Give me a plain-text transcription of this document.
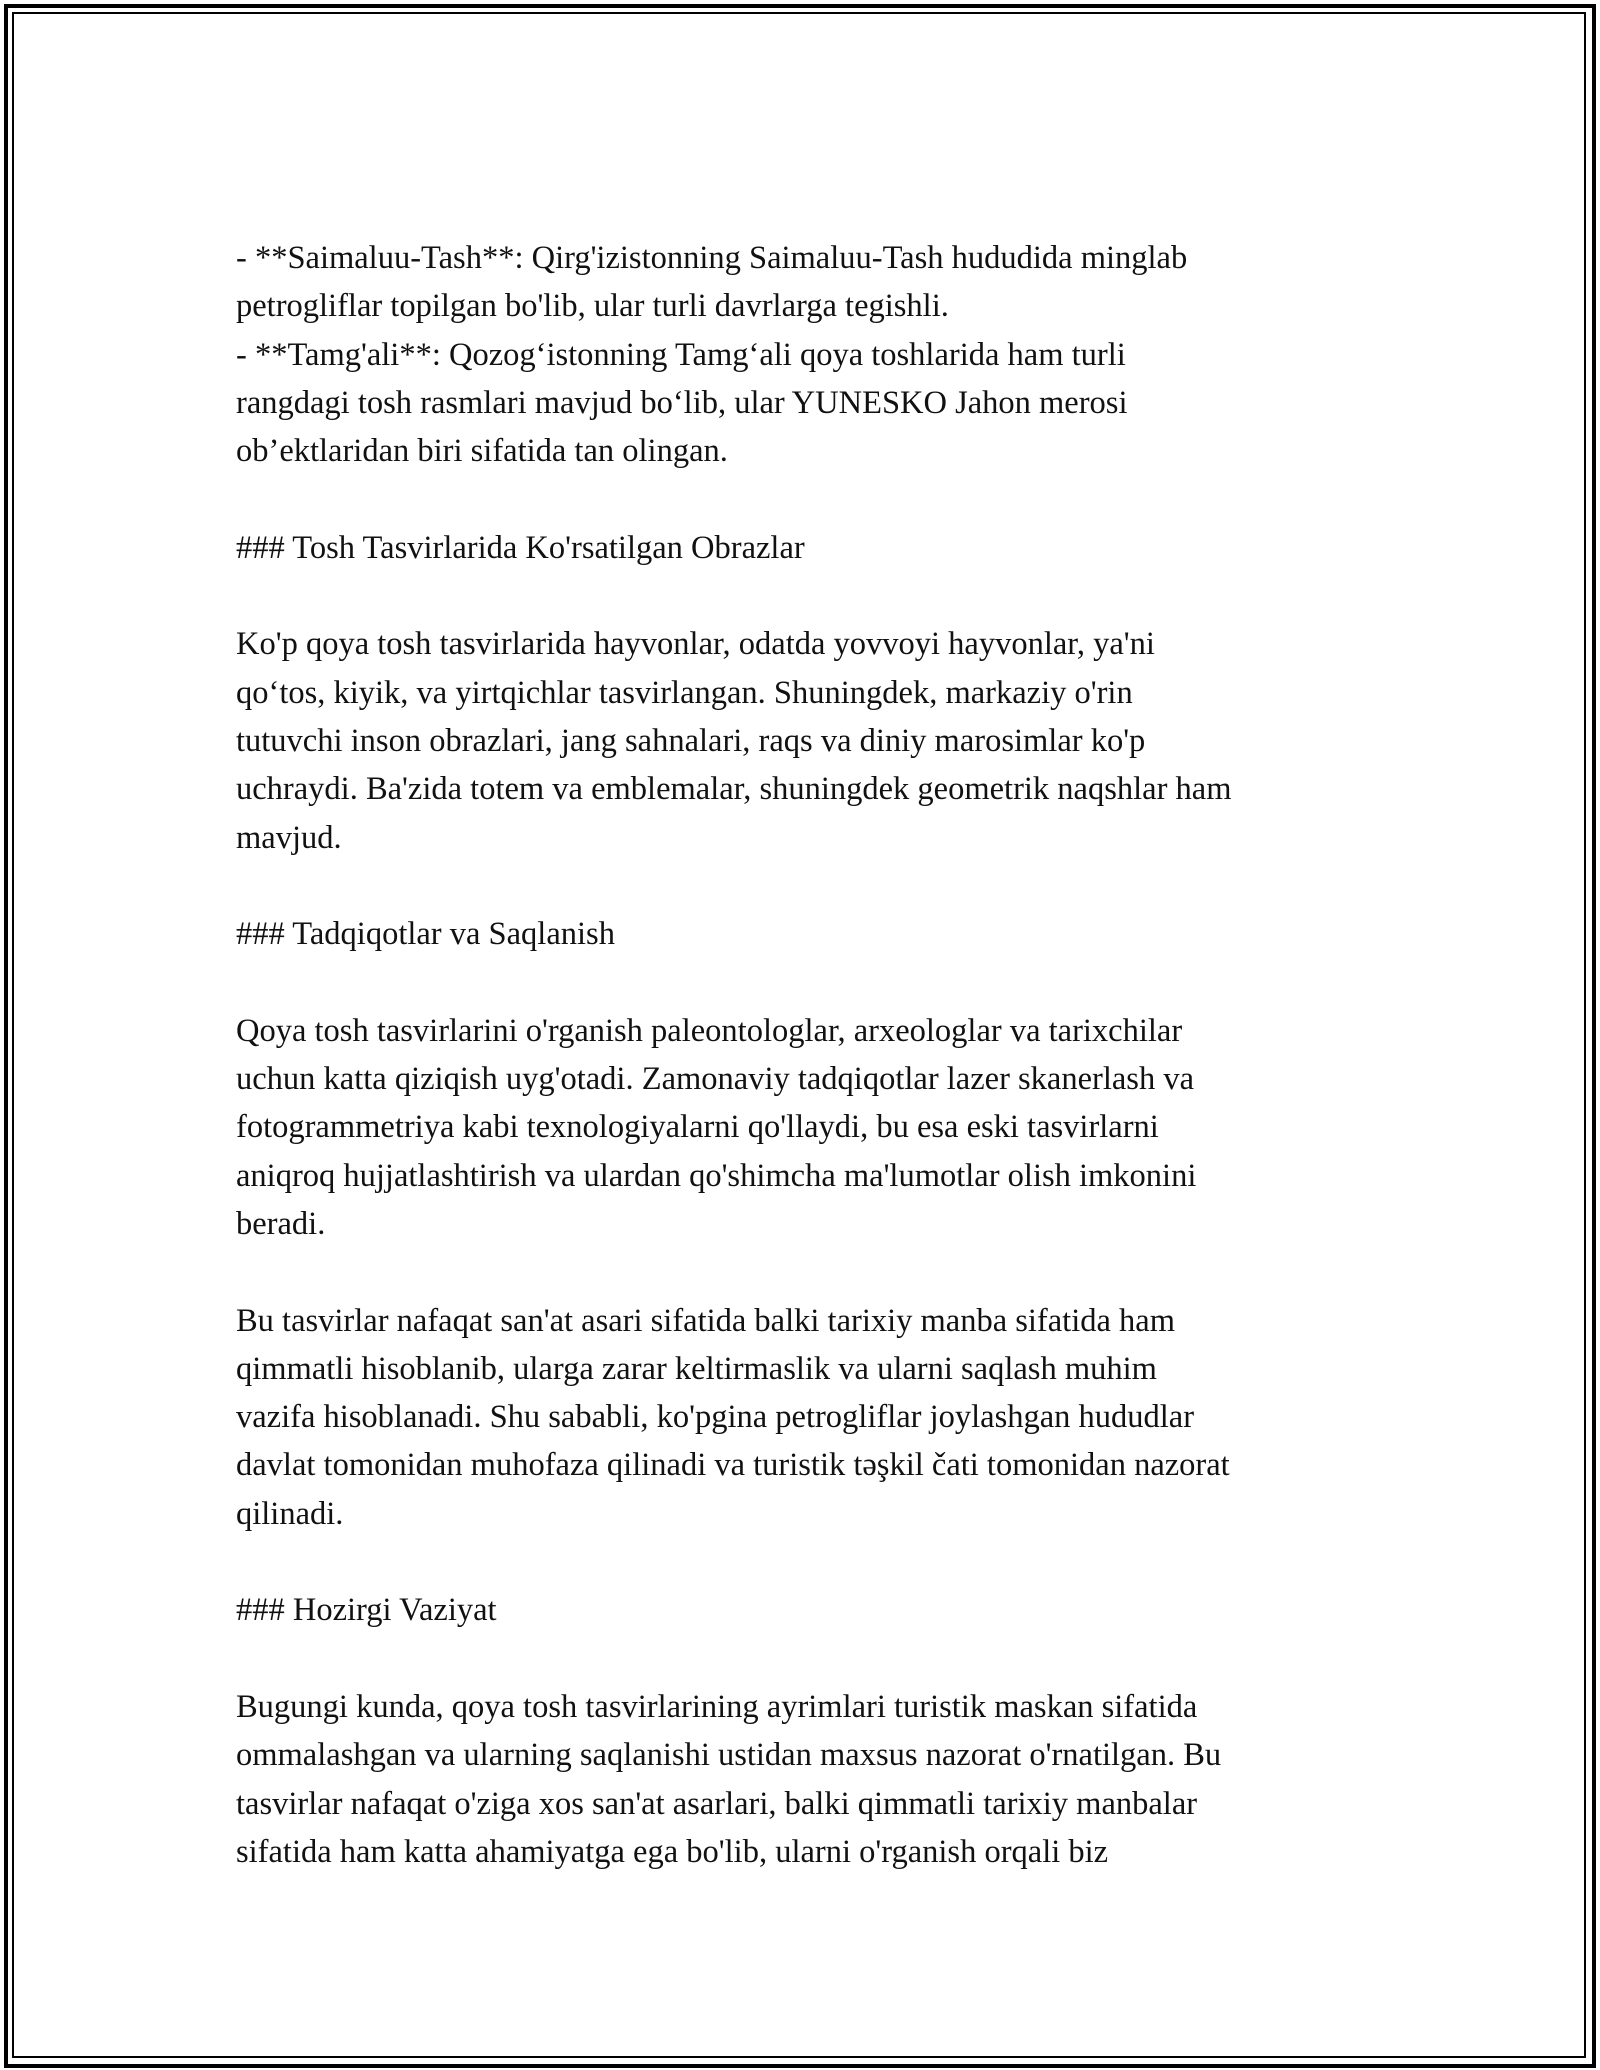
- **Saimaluu-Tash**: Qirg'izistonning Saimaluu-Tash hududida minglab
petrogliflar topilgan bo'lib, ular turli davrlarga tegishli.

- **Tamg'ali**: Qozog‘istonning Tamg‘ali qoya toshlarida ham turli
rangdagi tosh rasmlari mavjud bo‘lib, ular YUNESKO Jahon merosi
ob’ektlaridan biri sifatida tan olingan.

### Tosh Tasvirlarida Ko'rsatilgan Obrazlar

Ko'p qoya tosh tasvirlarida hayvonlar, odatda yovvoyi hayvonlar, ya'ni
qo‘tos, kiyik, va yirtqichlar tasvirlangan. Shuningdek, markaziy o'rin
tutuvchi inson obrazlari, jang sahnalari, raqs va diniy marosimlar ko'p
uchraydi. Ba'zida totem va emblemalar, shuningdek geometrik naqshlar ham
mavjud.

### Tadqiqotlar va Saqlanish

Qoya tosh tasvirlarini o'rganish paleontologlar, arxeologlar va tarixchilar
uchun katta qiziqish uyg'otadi. Zamonaviy tadqiqotlar lazer skanerlash va
fotogrammetriya kabi texnologiyalarni qo'llaydi, bu esa eski tasvirlarni
aniqroq hujjatlashtirish va ulardan qo'shimcha ma'lumotlar olish imkonini
beradi.

Bu tasvirlar nafaqat san'at asari sifatida balki tarixiy manba sifatida ham
qimmatli hisoblanib, ularga zarar keltirmaslik va ularni saqlash muhim
vazifa hisoblanadi. Shu sababli, ko'pgina petrogliflar joylashgan hududlar
davlat tomonidan muhofaza qilinadi va turistik təşkil čati tomonidan nazorat
qilinadi.

### Hozirgi Vaziyat

Bugungi kunda, qoya tosh tasvirlarining ayrimlari turistik maskan sifatida
ommalashgan va ularning saqlanishi ustidan maxsus nazorat o'rnatilgan. Bu
tasvirlar nafaqat o'ziga xos san'at asarlari, balki qimmatli tarixiy manbalar
sifatida ham katta ahamiyatga ega bo'lib, ularni o'rganish orqali biz
